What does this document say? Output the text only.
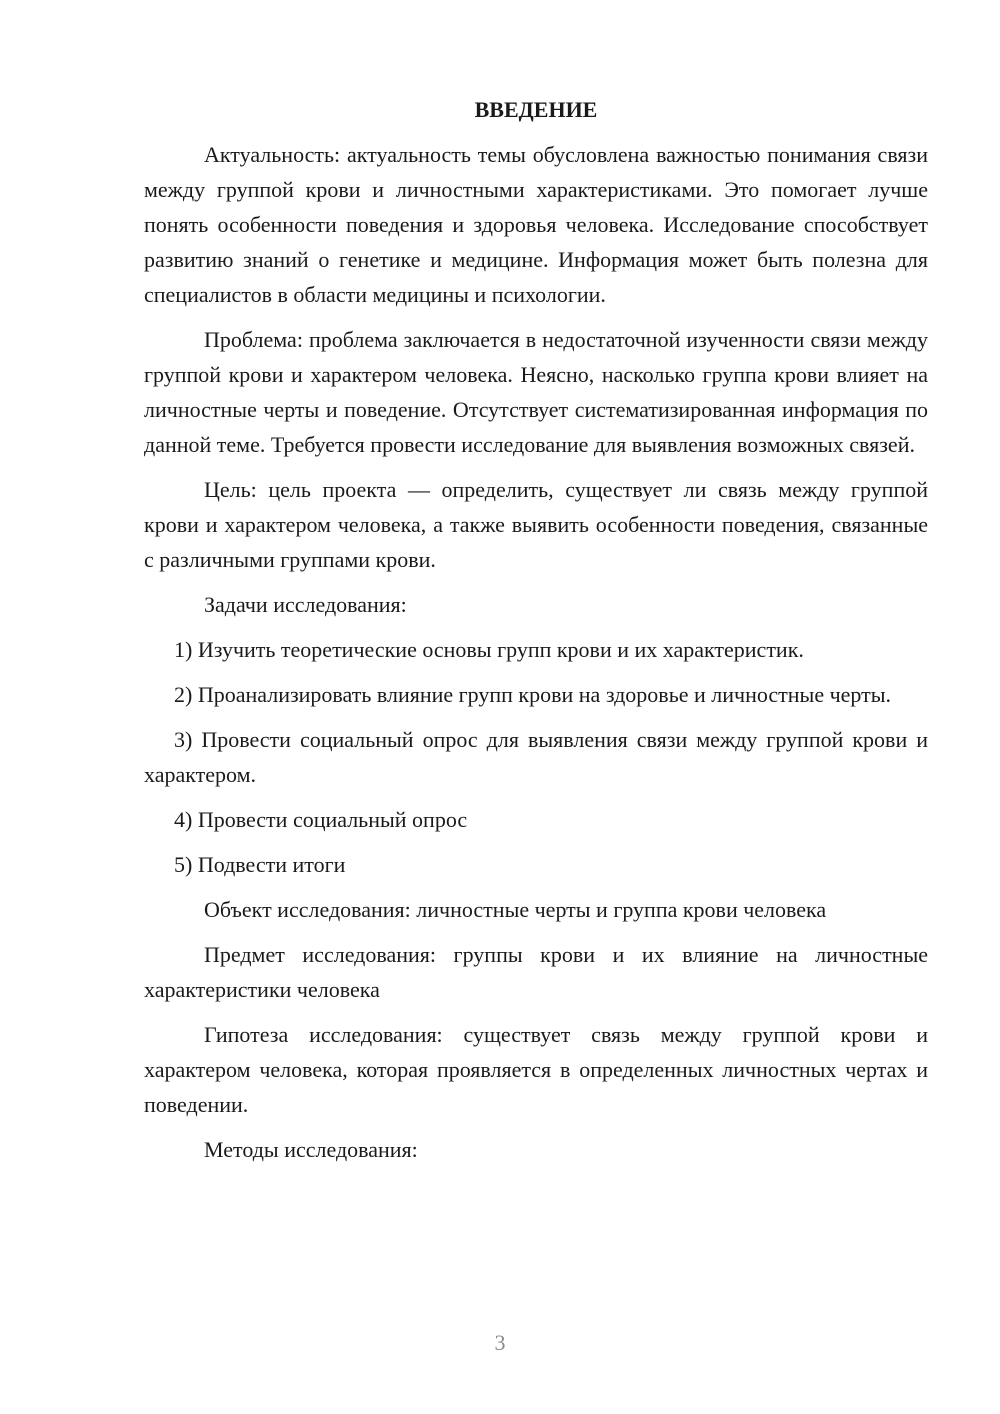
ВВЕДЕНИЕ

Актуальность: актуальность темы обусловлена важностью понимания связи между группой крови и личностными характеристиками. Это помогает лучше понять особенности поведения и здоровья человека. Исследование способствует развитию знаний о генетике и медицине. Информация может быть полезна для специалистов в области медицины и психологии.

Проблема: проблема заключается в недостаточной изученности связи между группой крови и характером человека. Неясно, насколько группа крови влияет на личностные черты и поведение. Отсутствует систематизированная информация по данной теме. Требуется провести исследование для выявления возможных связей.

Цель: цель проекта — определить, существует ли связь между группой крови и характером человека, а также выявить особенности поведения, связанные с различными группами крови.

Задачи исследования:

1) Изучить теоретические основы групп крови и их характеристик.

2) Проанализировать влияние групп крови на здоровье и личностные черты.

3) Провести социальный опрос для выявления связи между группой крови и характером.

4) Провести социальный опрос

5) Подвести итоги

Объект исследования: личностные черты и группа крови человека

Предмет исследования: группы крови и их влияние на личностные характеристики человека

Гипотеза исследования: существует связь между группой крови и характером человека, которая проявляется в определенных личностных чертах и поведении.

Методы исследования:

3
